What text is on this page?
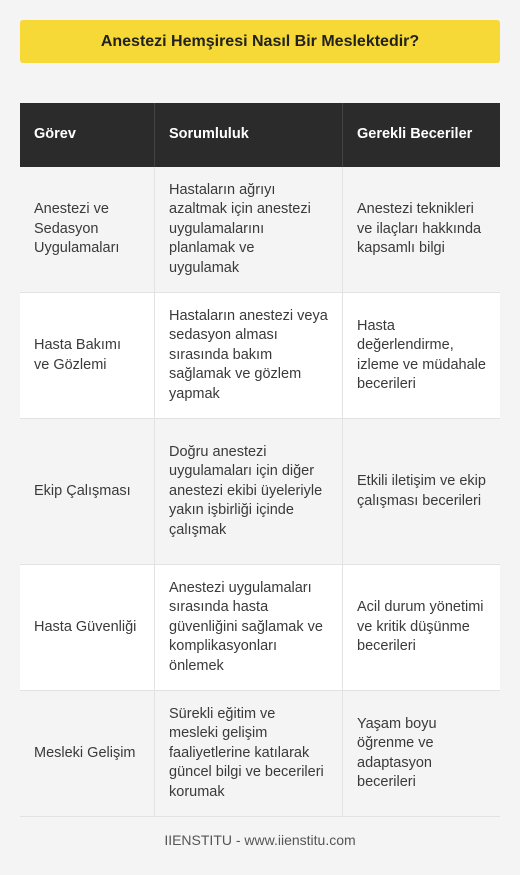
Anestezi Hemşiresi Nasıl Bir Meslektedir?
Görev	Sorumluluk	Gerekli Beceriler
Anestezi ve Sedasyon Uygulamaları
Hastaların ağrıyı azaltmak için anestezi uygulamalarını planlamak ve uygulamak
Anestezi teknikleri ve ilaçları hakkında kapsamlı bilgi
Hasta Bakımı ve Gözlemi
Hastaların anestezi veya sedasyon alması sırasında bakım sağlamak ve gözlem yapmak
Hasta değerlendirme, izleme ve müdahale becerileri
Ekip Çalışması
Doğru anestezi uygulamaları için diğer anestezi ekibi üyeleriyle yakın işbirliği içinde çalışmak
Etkili iletişim ve ekip çalışması becerileri
Hasta Güvenliği
Anestezi uygulamaları sırasında hasta güvenliğini sağlamak ve komplikasyonları önlemek
Acil durum yönetimi ve kritik düşünme becerileri
Mesleki Gelişim
Sürekli eğitim ve mesleki gelişim faaliyetlerine katılarak güncel bilgi ve becerileri korumak
Yaşam boyu öğrenme ve adaptasyon becerileri
IIENSTITU - www.iienstitu.com
